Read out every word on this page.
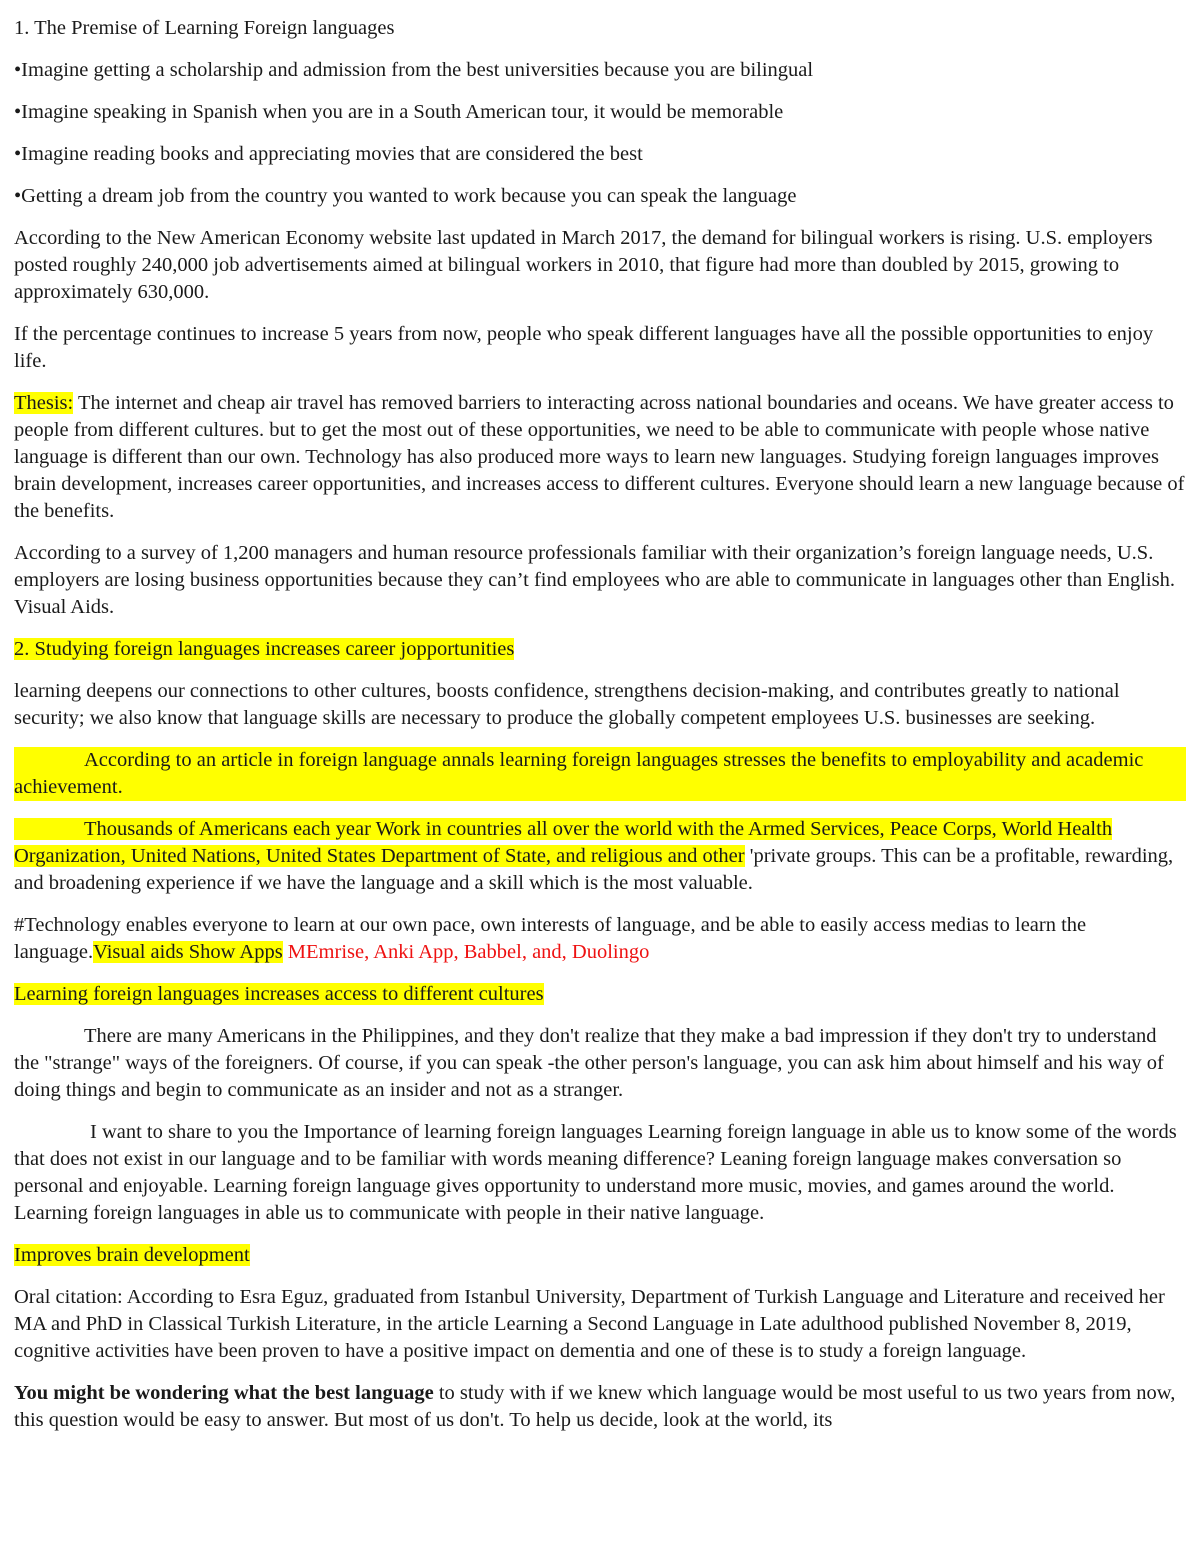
1. The Premise of Learning Foreign languages

•Imagine getting a scholarship and admission from the best universities because you are bilingual

•Imagine speaking in Spanish when you are in a South American tour, it would be memorable

•Imagine reading books and appreciating movies that are considered the best

•Getting a dream job from the country you wanted to work because you can speak the language

According to the New American Economy website last updated in March 2017, the demand for bilingual workers is rising. U.S. employers posted roughly 240,000 job advertisements aimed at bilingual workers in 2010, that figure had more than doubled by 2015, growing to approximately 630,000.

If the percentage continues to increase 5 years from now, people who speak different languages have all the possible opportunities to enjoy life.

Thesis: The internet and cheap air travel has removed barriers to interacting across national boundaries and oceans. We have greater access to people from different cultures. but to get the most out of these opportunities, we need to be able to communicate with people whose native language is different than our own. Technology has also produced more ways to learn new languages. Studying foreign languages improves brain development, increases career opportunities, and increases access to different cultures. Everyone should learn a new language because of the benefits.

According to a survey of 1,200 managers and human resource professionals familiar with their organization’s foreign language needs, U.S. employers are losing business opportunities because they can’t find employees who are able to communicate in languages other than English. Visual Aids.

2. Studying foreign languages increases career jopportunities

learning deepens our connections to other cultures, boosts confidence, strengthens decision-making, and contributes greatly to national security; we also know that language skills are necessary to produce the globally competent employees U.S. businesses are seeking.

According to an article in foreign language annals learning foreign languages stresses the benefits to employability and academic achievement.

Thousands of Americans each year Work in countries all over the world with the Armed Services, Peace Corps, World Health Organization, United Nations, United States Department of State, and religious and other 'private groups. This can be a profitable, rewarding, and broadening experience if we have the language and a skill which is the most valuable.

#Technology enables everyone to learn at our own pace, own interests of language, and be able to easily access medias to learn the language.Visual aids Show Apps MEmrise, Anki App, Babbel, and, Duolingo

Learning foreign languages increases access to different cultures

There are many Americans in the Philippines, and they don't realize that they make a bad impression if they don't try to understand the "strange" ways of the foreigners. Of course, if you can speak -the other person's language, you can ask him about himself and his way of doing things and begin to communicate as an insider and not as a stranger.

I want to share to you the Importance of learning foreign languages Learning foreign language in able us to know some of the words that does not exist in our language and to be familiar with words meaning difference? Leaning foreign language makes conversation so personal and enjoyable. Learning foreign language gives opportunity to understand more music, movies, and games around the world. Learning foreign languages in able us to communicate with people in their native language.

Improves brain development

Oral citation: According to Esra Eguz, graduated from Istanbul University, Department of Turkish Language and Literature and received her MA and PhD in Classical Turkish Literature, in the article Learning a Second Language in Late adulthood published November 8, 2019, cognitive activities have been proven to have a positive impact on dementia and one of these is to study a foreign language.

You might be wondering what the best language to study with if we knew which language would be most useful to us two years from now, this question would be easy to answer. But most of us don't. To help us decide, look at the world, its
